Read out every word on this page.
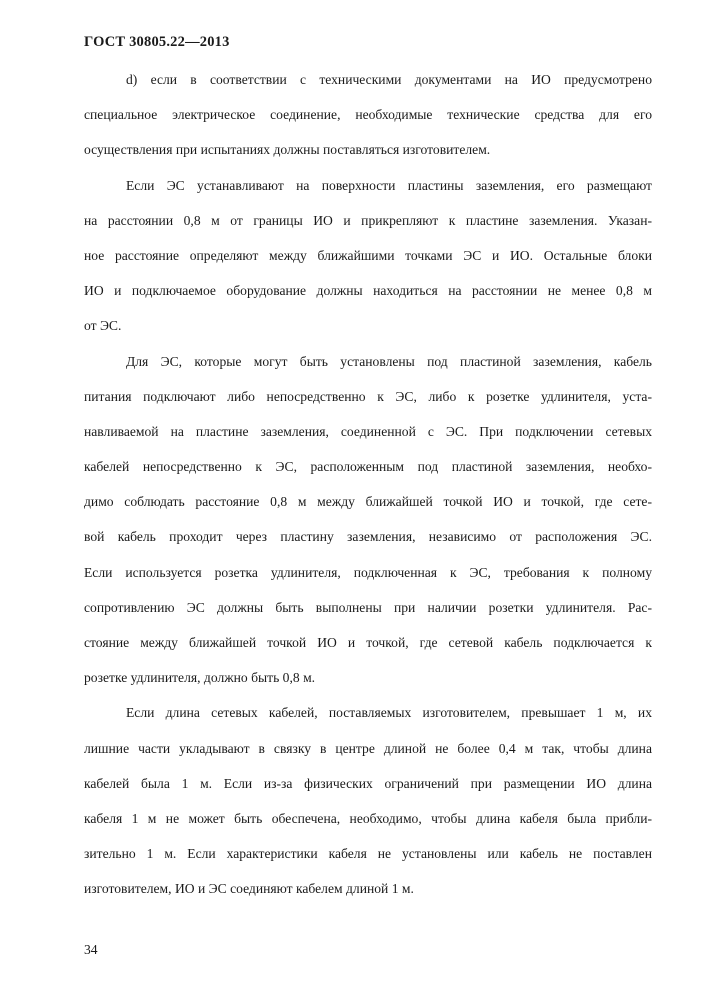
ГОСТ 30805.22—2013

d) если в соответствии с техническими документами на ИО предусмотрено
специальное электрическое соединение, необходимые технические средства для его
осуществления при испытаниях должны поставляться изготовителем.

Если ЭС устанавливают на поверхности пластины заземления, его размещают
на расстоянии 0,8 м от границы ИО и прикрепляют к пластине заземления. Указан-
ное расстояние определяют между ближайшими точками ЭС и ИО. Остальные блоки
ИО и подключаемое оборудование должны находиться на расстоянии не менее 0,8 м
от ЭС.

Для ЭС, которые могут быть установлены под пластиной заземления, кабель
питания подключают либо непосредственно к ЭС, либо к розетке удлинителя, уста-
навливаемой на пластине заземления, соединенной с ЭС. При подключении сетевых
кабелей непосредственно к ЭС, расположенным под пластиной заземления, необхо-
димо соблюдать расстояние 0,8 м между ближайшей точкой ИО и точкой, где сете-
вой кабель проходит через пластину заземления, независимо от расположения ЭС.
Если используется розетка удлинителя, подключенная к ЭС, требования к полному
сопротивлению ЭС должны быть выполнены при наличии розетки удлинителя. Рас-
стояние между ближайшей точкой ИО и точкой, где сетевой кабель подключается к
розетке удлинителя, должно быть 0,8 м.

Если длина сетевых кабелей, поставляемых изготовителем, превышает 1 м, их
лишние части укладывают в связку в центре длиной не более 0,4 м так, чтобы длина
кабелей была 1 м. Если из-за физических ограничений при размещении ИО длина
кабеля 1 м не может быть обеспечена, необходимо, чтобы длина кабеля была прибли-
зительно 1 м. Если характеристики кабеля не установлены или кабель не поставлен
изготовителем, ИО и ЭС соединяют кабелем длиной 1 м.

34
